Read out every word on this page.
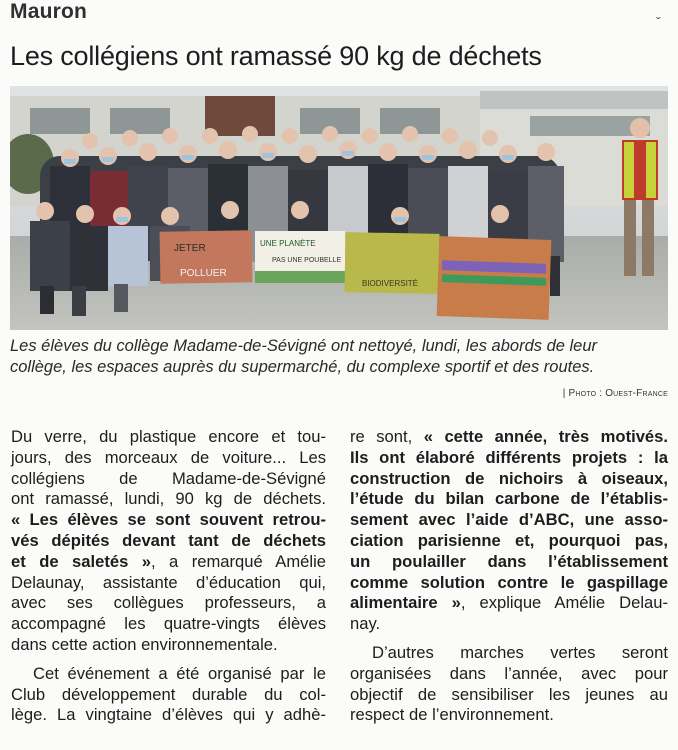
Mauron	ˇ
Les collégiens ont ramassé 90 kg de déchets
JETER
POLLUER
UNE PLANÈTE
PAS UNE POUBELLE
BIODIVERSITÉ
Les élèves du collège Madame-de-Sévigné ont nettoyé, lundi, les abords de leur
collège, les espaces auprès du supermarché, du complexe sportif et des routes.
| Photo : Ouest-France
Du verre, du plastique encore et tou-
jours, des morceaux de voiture... Les
collégiens de Madame-de-Sévigné
ont ramassé, lundi, 90 kg de déchets.
« Les élèves se sont souvent retrou-
vés dépités devant tant de déchets
et de saletés », a remarqué Amélie
Delaunay, assistante d’éducation qui,
avec ses collègues professeurs, a
accompagné les quatre-vingts élèves
dans cette action environnementale.
Cet événement a été organisé par le
Club développement durable du col-
lège. La vingtaine d’élèves qui y adhè-
re sont, « cette année, très motivés.
Ils ont élaboré différents projets : la
construction de nichoirs à oiseaux,
l’étude du bilan carbone de l’établis-
sement avec l’aide d’ABC, une asso-
ciation parisienne et, pourquoi pas,
un poulailler dans l’établissement
comme solution contre le gaspillage
alimentaire », explique Amélie Delau-
nay.
D’autres marches vertes seront
organisées dans l’année, avec pour
objectif de sensibiliser les jeunes au
respect de l’environnement.
